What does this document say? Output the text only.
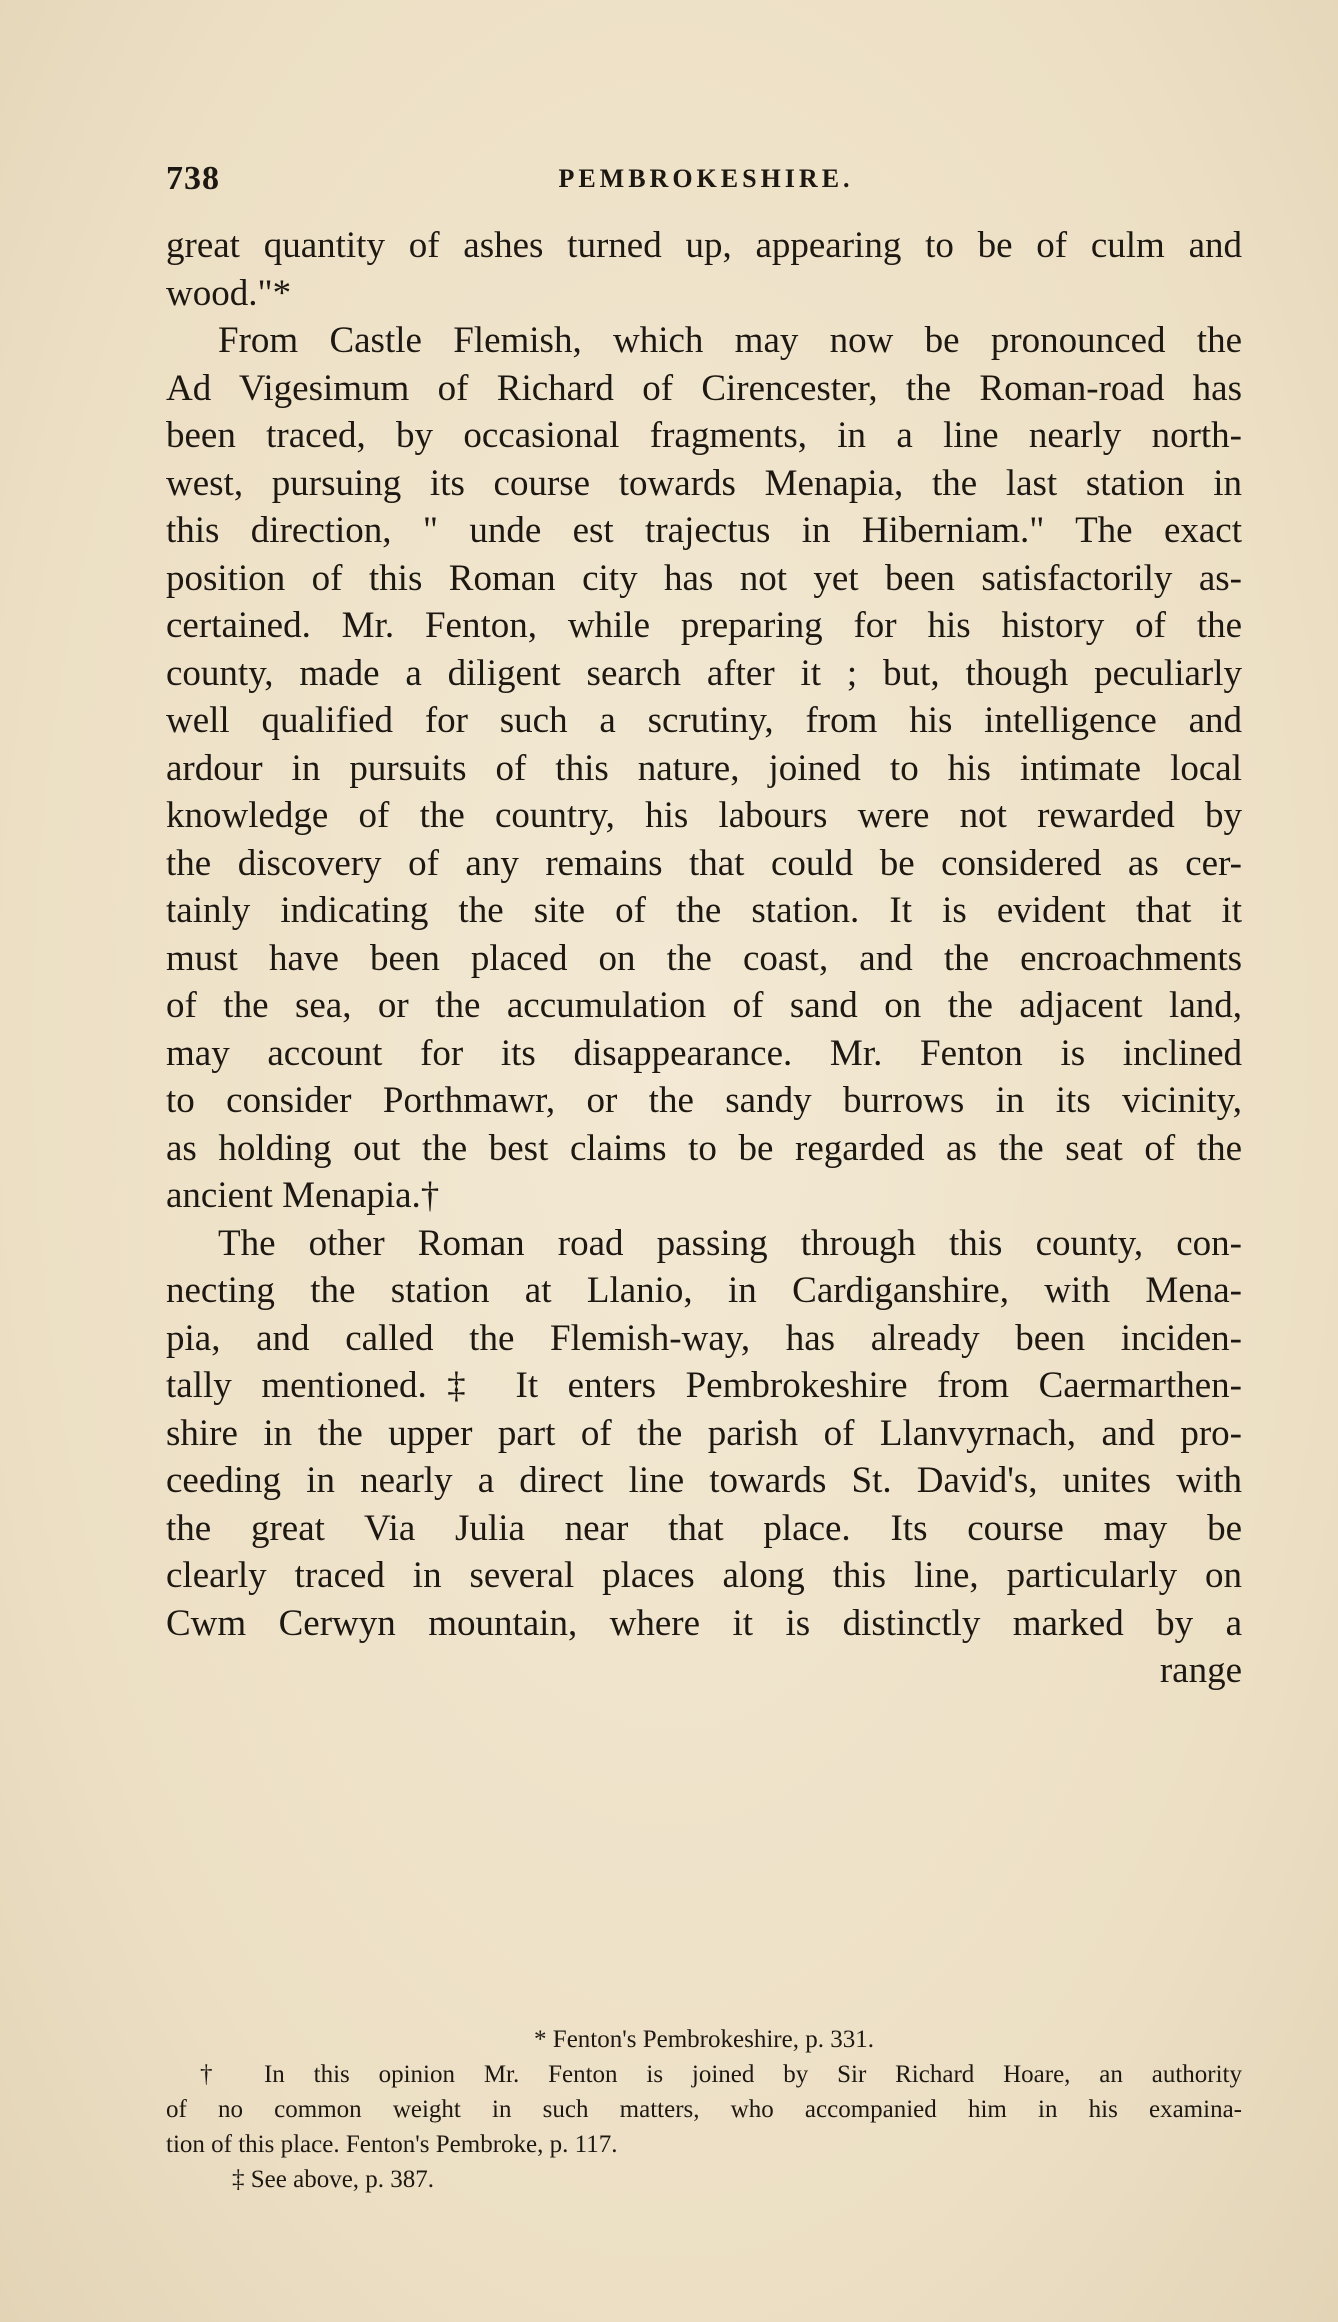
738	PEMBROKESHIRE.
great quantity of ashes turned up, appearing to be of culm and
wood."*
From Castle Flemish, which may now be pronounced the
Ad Vigesimum of Richard of Cirencester, the Roman-road has
been traced, by occasional fragments, in a line nearly north-
west, pursuing its course towards Menapia, the last station in
this direction, " unde est trajectus in Hiberniam." The exact
position of this Roman city has not yet been satisfactorily as-
certained. Mr. Fenton, while preparing for his history of the
county, made a diligent search after it ; but, though peculiarly
well qualified for such a scrutiny, from his intelligence and
ardour in pursuits of this nature, joined to his intimate local
knowledge of the country, his labours were not rewarded by
the discovery of any remains that could be considered as cer-
tainly indicating the site of the station. It is evident that it
must have been placed on the coast, and the encroachments
of the sea, or the accumulation of sand on the adjacent land,
may account for its disappearance. Mr. Fenton is inclined
to consider Porthmawr, or the sandy burrows in its vicinity,
as holding out the best claims to be regarded as the seat of the
ancient Menapia.†
The other Roman road passing through this county, con-
necting the station at Llanio, in Cardiganshire, with Mena-
pia, and called the Flemish-way, has already been inciden-
tally mentioned.‡ It enters Pembrokeshire from Caermarthen-
shire in the upper part of the parish of Llanvyrnach, and pro-
ceeding in nearly a direct line towards St. David's, unites with
the great Via Julia near that place. Its course may be
clearly traced in several places along this line, particularly on
Cwm Cerwyn mountain, where it is distinctly marked by a
range
* Fenton's Pembrokeshire, p. 331.
† In this opinion Mr. Fenton is joined by Sir Richard Hoare, an authority
of no common weight in such matters, who accompanied him in his examina-
tion of this place. Fenton's Pembroke, p. 117.
‡ See above, p. 387.
